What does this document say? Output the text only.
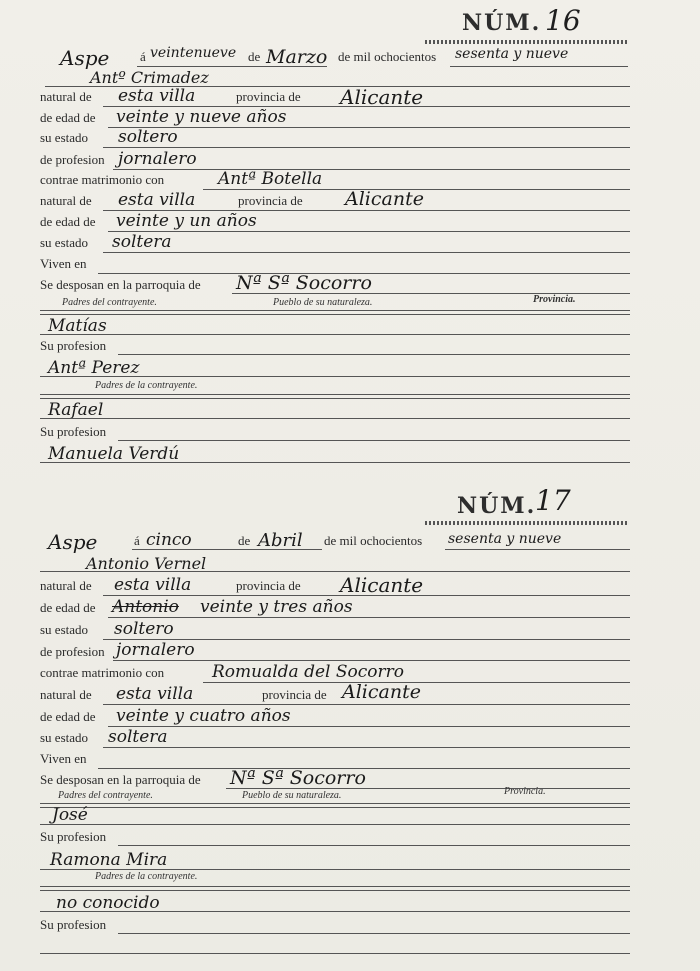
NÚM. 16
Aspe á veintenueve de Marzo de mil ochocientos sesenta y nueve
Antº Crimadez
natural de esta villa	provincia de Alicante
de edad de veinte y nueve años
su estado soltero
de profesion jornalero
contrae matrimonio con	Antª Botella
natural de esta villa	provincia de Alicante
de edad de veinte y un años
su estado soltera
Viven en
Se desposan en la parroquia de Nª Sª Socorro
Padres del contrayente.	Pueblo de su naturaleza.	Provincia.
Matías
Su profesion
Antª Perez
Padres de la contrayente.
Rafael
Su profesion
Manuela Verdú
NÚM.
17
Aspe	á cinco	de Abril de mil ochocientos sesenta y nueve
Antonio Vernel
natural de esta villa	provincia de Alicante
de edad de Antonio veinte y tres años
su estado soltero
de profesion jornalero
contrae matrimonio con	Romualda del Socorro
natural de esta villa	provincia de Alicante
de edad de veinte y cuatro años
su estado soltera
Viven en
Se desposan en la parroquia de Nª Sª Socorro
Padres del contrayente.	Pueblo de su naturaleza.	Provincia.
José
Su profesion
Ramona Mira
Padres de la contrayente.
no conocido
Su profesion
